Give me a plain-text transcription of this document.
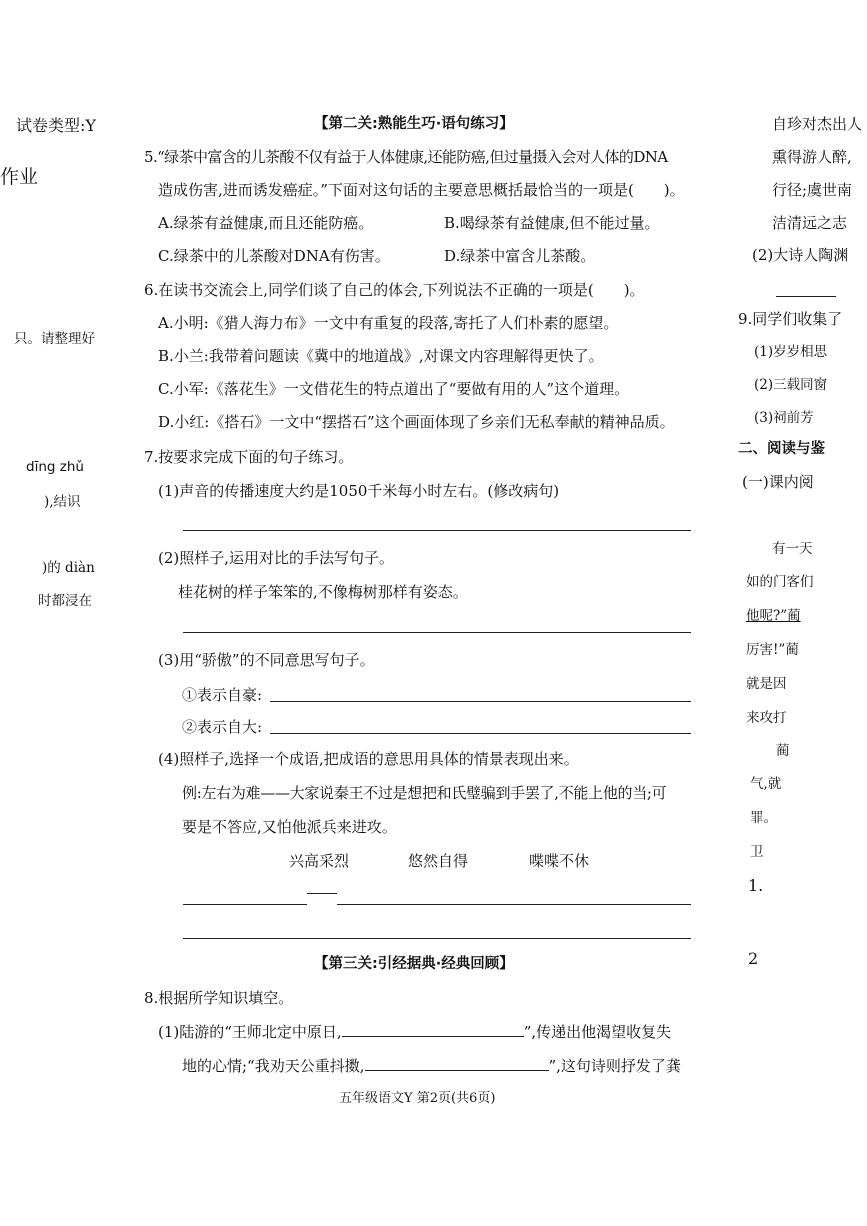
试卷类型:Y
作业
只。请整理好
dīng zhǔ
),结识
)的 diàn
时都浸在
【第二关:熟能生巧·语句练习】
5.“绿茶中富含的儿茶酸不仅有益于人体健康,还能防癌,但过量摄入会对人体的DNA
造成伤害,进而诱发癌症。”下面对这句话的主要意思概括最恰当的一项是( )。
A.绿茶有益健康,而且还能防癌。	B.喝绿茶有益健康,但不能过量。
C.绿茶中的儿茶酸对DNA有伤害。	D.绿茶中富含儿茶酸。
6.在读书交流会上,同学们谈了自己的体会,下列说法不正确的一项是( )。
A.小明:《猎人海力布》一文中有重复的段落,寄托了人们朴素的愿望。
B.小兰:我带着问题读《冀中的地道战》,对课文内容理解得更快了。
C.小军:《落花生》一文借花生的特点道出了“要做有用的人”这个道理。
D.小红:《搭石》一文中“摆搭石”这个画面体现了乡亲们无私奉献的精神品质。
7.按要求完成下面的句子练习。
(1)声音的传播速度大约是1050千米每小时左右。(修改病句)
(2)照样子,运用对比的手法写句子。
桂花树的样子笨笨的,不像梅树那样有姿态。
(3)用“骄傲”的不同意思写句子。
①表示自豪:
②表示自大:
(4)照样子,选择一个成语,把成语的意思用具体的情景表现出来。
例:左右为难——大家说秦王不过是想把和氏璧骗到手罢了,不能上他的当;可
要是不答应,又怕他派兵来进攻。
兴高采烈	悠然自得	喋喋不休
【第三关:引经据典·经典回顾】
8.根据所学知识填空。
(1)陆游的“王师北定中原日,	”,传递出他渴望收复失
地的心情;“我劝天公重抖擞,	”,这句诗则抒发了龚
五年级语文Y 第2页(共6页)
自珍对杰出人
熏得游人醉,
行径;虞世南
洁清远之志
(2)大诗人陶渊
9.同学们收集了
(1)岁岁相思
(2)三载同窗
(3)祠前芳
二、阅读与鉴
(一)课内阅
有一天
如的门客们
他呢?”蔺
厉害!”蔺
就是因
来攻打
蔺
气,就
罪。
卫
1.
2
